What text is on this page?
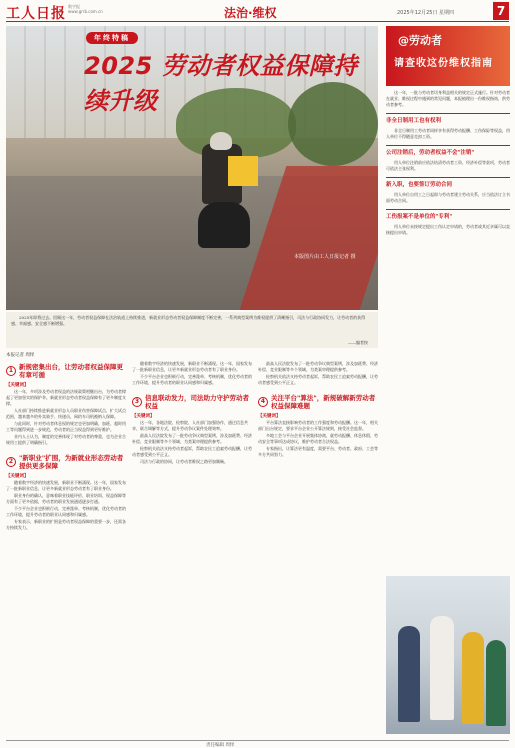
工人日报 数字报 www.grrb.com.cn	法治·维权	2025年12月25日 星期四	7
年终特稿
2025 劳动者权益保障持续升级
本版图片由工人日报记者 摄
@劳动者
请查收这份维权指南
这一年，一批与劳动者切身利益相关的规定正式施行。针对劳动者在就业、维权过程中遇到的常见问题，本报梳理出一份维权指南，供劳动者参考。
非全日制用工也有权利
非全日制用工劳动者同样享有获得劳动报酬、工伤保险等权益，用人单位不得随意克扣工资。
公司注销后，劳动者权益不会"注销"
用人单位注销前应依法结清劳动者工资、经济补偿等款项，劳动者可依法主张权利。
新入职，也要签订劳动合同
用人单位自用工之日起即与劳动者建立劳动关系，应当依法订立书面劳动合同。
工伤报案不是单位的"专利"
用人单位未按规定提出工伤认定申请的，劳动者或其近亲属可以直接提出申请。
2025年即将过去。回顾这一年，劳动者权益保障在法治轨道上持续推进，新就业形态劳动者权益保障制度不断完善，一系列典型案例为维权提供了清晰指引，司法与行政协同发力，让劳动者的获得感、幸福感、安全感不断增强。
——编者按
本报记者 周怿
1 新规密集出台，让劳动者权益保障更有章可循
【关键词】

这一年，多项涉及劳动者权益的法规政策相继出台，为劳动者撑起了更加坚实的保护伞。新就业形态劳动者权益保障有了更多制度支撑。

人社部门持续推进新就业形态人员职业伤害保障试点，扩大试点范围，越来越多的外卖骑手、快递员、网约车司机被纳入保障。

与此同时，针对劳动者休息权的规定也更加明确，加班、超时用工等问题得到进一步规范，劳动者的正当权益得到更好维护。

业内人士认为，制度的完善体现了对劳动者的尊重，也为企业合规用工提供了明确指引。

2 "新职业"扩围，为新就业形态劳动者提供更多保障
【关键词】

随着数字经济的快速发展，新职业不断涌现。这一年，国家发布了一批新职业信息，让更多新就业形态劳动者有了职业身份。

职业身份的确认，意味着职业技能评价、职业培训、权益保障等方面有了更多依据，劳动者的职业发展通道逐步打通。

不少平台企业也积极行动，完善派单、考核机制，优化劳动者的工作环境，提升劳动者的职业认同感和归属感。

专家表示，新职业的扩围是劳动者权益保障的重要一步，还需各方持续发力。

随着数字经济的快速发展，新职业不断涌现。这一年，国家发布了一批新职业信息，让更多新就业形态劳动者有了职业身份。

不少平台企业也积极行动，完善派单、考核机制，优化劳动者的工作环境，提升劳动者的职业认同感和归属感。

3 信息联动发力，司法助力守护劳动者权益
【关键词】

这一年，各地法院、检察院、人社部门加强协作，通过信息共享、联合调解等方式，提升劳动争议案件处理效率。

最高人民法院发布了一批劳动争议典型案例，涉及加班费、经济补偿、竞业限制等多个领域，为类案审理提供参考。

检察机关依法支持劳动者起诉，帮助农民工追索劳动报酬，让劳动者感受到公平正义。

司法与行政的协同，让劳动者维权之路更加顺畅。

最高人民法院发布了一批劳动争议典型案例，涉及加班费、经济补偿、竞业限制等多个领域，为类案审理提供参考。

检察机关依法支持劳动者起诉，帮助农民工追索劳动报酬，让劳动者感受到公平正义。

4 关注平台"算法"，新规破解新劳动者权益保障难题
【关键词】

平台算法直接影响劳动者的工作强度和劳动报酬。这一年，相关部门出台规定，要求平台企业公开算法规则，接受社会监督。

多地工会与平台企业开展集体协商，就劳动报酬、休息休假、劳动安全等事项达成协议，维护劳动者合法权益。

专家指出，让算法更有温度，需要平台、劳动者、政府、工会等多方共同努力。

责任编辑 周怿
